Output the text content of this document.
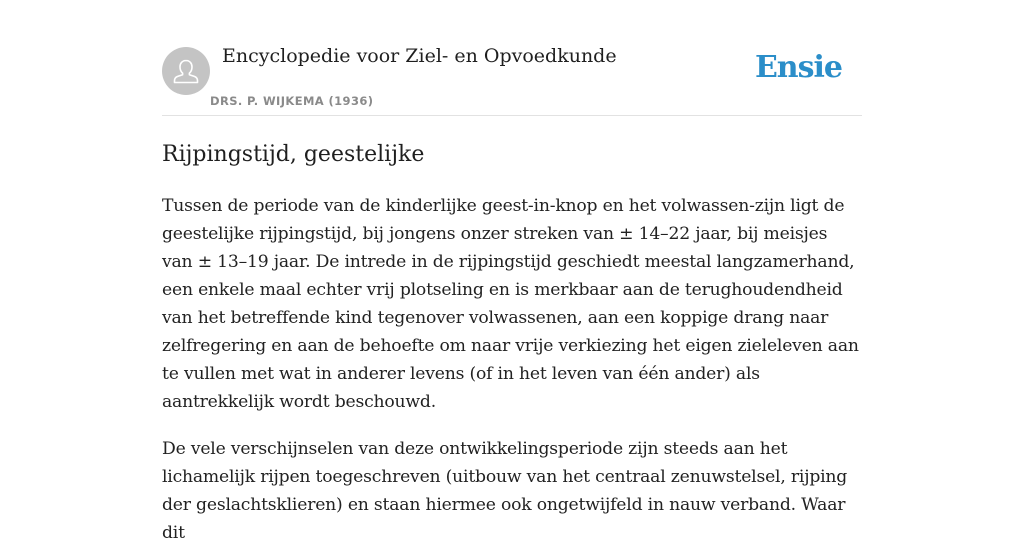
Encyclopedie voor Ziel- en Opvoedkunde
DRS. P. WIJKEMA (1936)
Ensie
Rijpingstijd, geestelijke

Tussen de periode van de kinderlijke geest-in-knop en het volwassen-zijn ligt de geestelijke rijpingstijd, bij jongens onzer streken van ± 14–22 jaar, bij meisjes van ± 13–19 jaar. De intrede in de rijpingstijd geschiedt meestal langzamerhand, een enkele maal echter vrij plotseling en is merkbaar aan de terughoudendheid van het betreffende kind tegenover volwassenen, aan een koppige drang naar zelfregering en aan de behoefte om naar vrije verkiezing het eigen zieleleven aan te vullen met wat in anderer levens (of in het leven van één ander) als aantrekkelijk wordt beschouwd.

De vele verschijnselen van deze ontwikkelingsperiode zijn steeds aan het lichamelijk rijpen toegeschreven (uitbouw van het centraal zenuwstelsel, rijping der geslachtsklieren) en staan hiermee ook ongetwijfeld in nauw verband. Waar dit
